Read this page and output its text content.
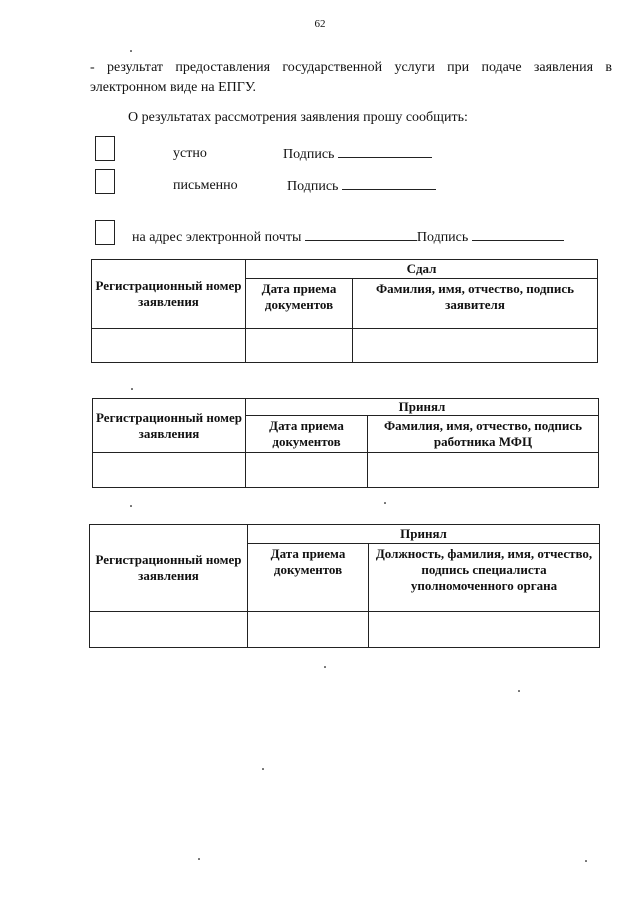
62
- результат предоставления государственной услуги при подаче заявления в электронном виде на ЕПГУ.
О результатах рассмотрения заявления прошу сообщить:
устно	Подпись
письменно	Подпись
на адрес электронной почты	Подпись
Регистрационный номер заявления	Сдал	
	Дата приема документов	Фамилия, имя, отчество, подпись заявителя

Регистрационный номер заявления	Принял	
	Дата приема документов	Фамилия, имя, отчество, подпись работника МФЦ

Регистрационный номер заявления	Принял	
	Дата приема документов	Должность, фамилия, имя, отчество, подпись специалиста уполномоченного органа
